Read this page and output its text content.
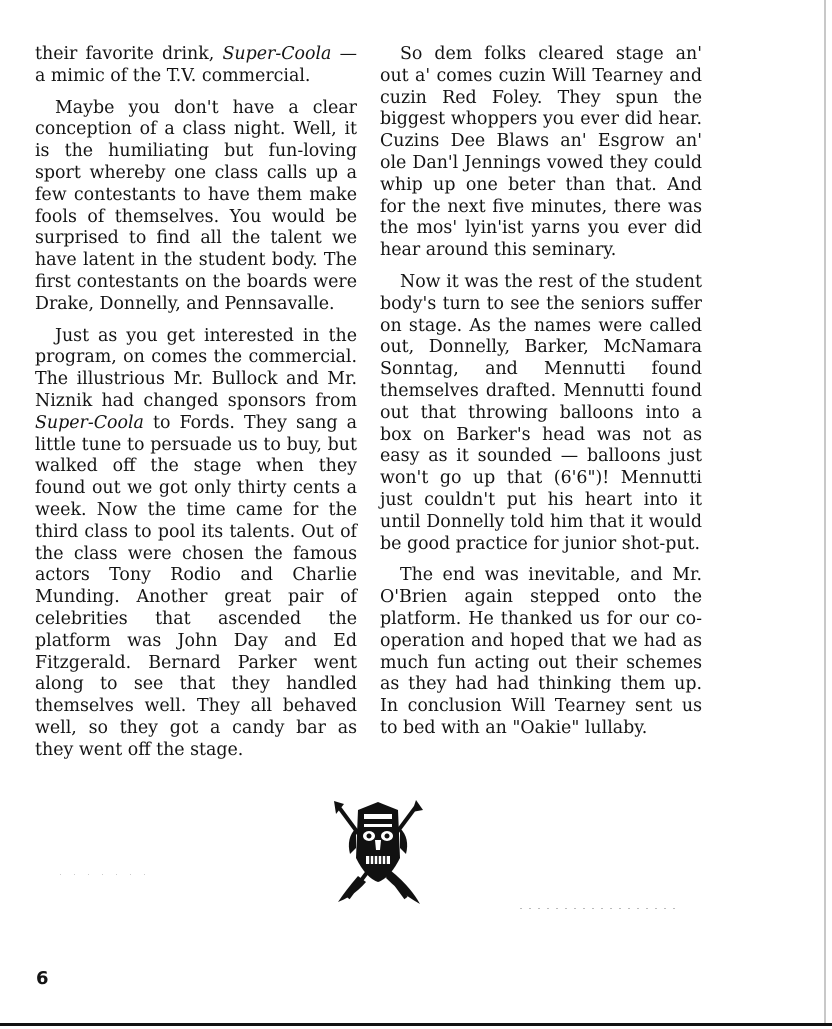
their favorite drink, Super-Coola — a mimic of the T.V. commercial.

Maybe you don't have a clear conception of a class night. Well, it is the humiliating but fun-loving sport whereby one class calls up a few contestants to have them make fools of themselves. You would be surprised to find all the talent we have latent in the student body. The first contestants on the boards were Drake, Donnelly, and Pennsavalle.

Just as you get interested in the program, on comes the commercial. The illustrious Mr. Bullock and Mr. Niznik had changed sponsors from Super-Coola to Fords. They sang a little tune to persuade us to buy, but walked off the stage when they found out we got only thirty cents a week. Now the time came for the third class to pool its talents. Out of the class were chosen the famous actors Tony Rodio and Charlie Munding. Another great pair of celebrities that ascended the platform was John Day and Ed Fitzgerald. Bernard Parker went along to see that they handled themselves well. They all behaved well, so they got a candy bar as they went off the stage.

So dem folks cleared stage an' out a' comes cuzin Will Tearney and cuzin Red Foley. They spun the biggest whoppers you ever did hear. Cuzins Dee Blaws an' Esgrow an' ole Dan'l Jennings vowed they could whip up one beter than that. And for the next five minutes, there was the mos' lyin'ist yarns you ever did hear around this seminary.

Now it was the rest of the student body's turn to see the seniors suffer on stage. As the names were called out, Donnelly, Barker, McNamara Sonntag, and Mennutti found themselves drafted. Mennutti found out that throwing balloons into a box on Barker's head was not as easy as it sounded — balloons just won't go up that (6'6")! Mennutti just couldn't put his heart into it until Donnelly told him that it would be good practice for junior shot-put.

The end was inevitable, and Mr. O'Brien again stepped onto the platform. He thanked us for our co-operation and hoped that we had as much fun acting out their schemes as they had had thinking them up. In conclusion Will Tearney sent us to bed with an "Oakie" lullaby.

6
